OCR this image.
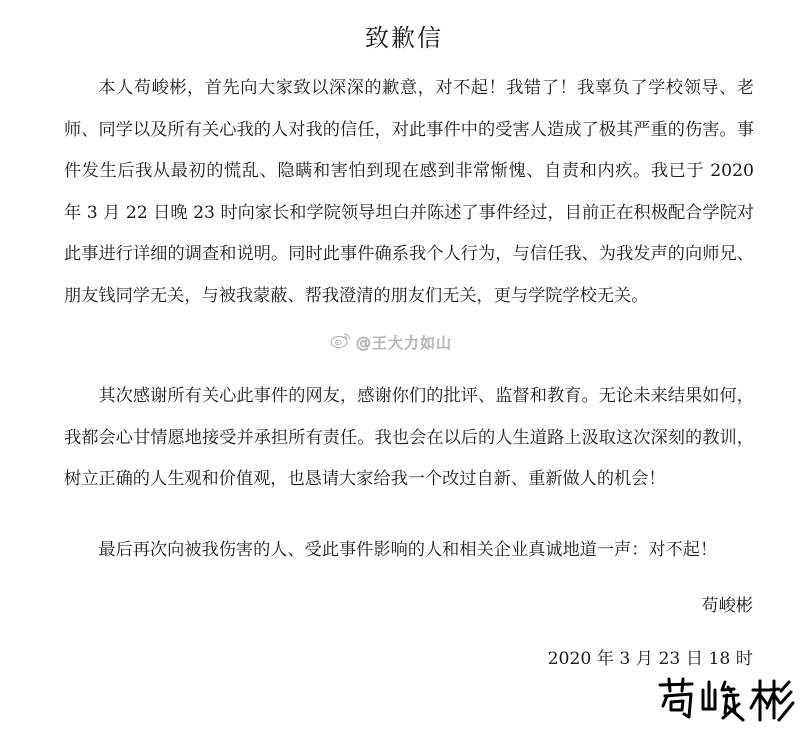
致歉信

本人苟峻彬，首先向大家致以深深的歉意，对不起！我错了！我辜负了学校领导、老师、同学以及所有关心我的人对我的信任，对此事件中的受害人造成了极其严重的伤害。事件发生后我从最初的慌乱、隐瞒和害怕到现在感到非常惭愧、自责和内疚。我已于 2020 年 3 月 22 日晚 23 时向家长和学院领导坦白并陈述了事件经过，目前正在积极配合学院对此事进行详细的调查和说明。同时此事件确系我个人行为，与信任我、为我发声的向师兄、朋友钱同学无关，与被我蒙蔽、帮我澄清的朋友们无关，更与学院学校无关。

其次感谢所有关心此事件的网友，感谢你们的批评、监督和教育。无论未来结果如何，我都会心甘情愿地接受并承担所有责任。我也会在以后的人生道路上汲取这次深刻的教训，树立正确的人生观和价值观，也恳请大家给我一个改过自新、重新做人的机会！

最后再次向被我伤害的人、受此事件影响的人和相关企业真诚地道一声：对不起！

苟峻彬
2020 年 3 月 23 日 18 时
@王大力如山
